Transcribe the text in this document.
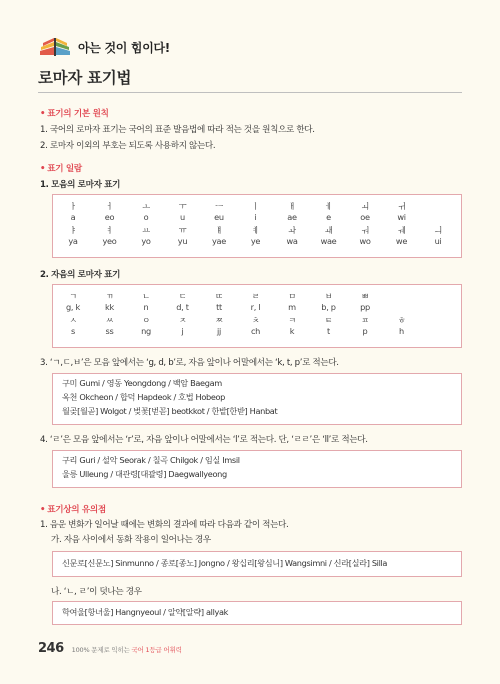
아는 것이 힘이다!
로마자 표기법
• 표기의 기본 원칙
1. 국어의 로마자 표기는 국어의 표준 발음법에 따라 적는 것을 원칙으로 한다.
2. 로마자 이외의 부호는 되도록 사용하지 않는다.
• 표기 일람
1. 모음의 로마자 표기
ㅏ	ㅓ	ㅗ	ㅜ	ㅡ	ㅣ	ㅐ	ㅔ	ㅚ	ㅟ
a	eo	o	u	eu	i	ae	e	oe	wi
ㅑ	ㅕ	ㅛ	ㅠ	ㅒ	ㅖ	ㅘ	ㅙ	ㅝ	ㅞ	ㅢ
ya	yeo	yo	yu	yae	ye	wa	wae	wo	we	ui
2. 자음의 로마자 표기
ㄱ	ㄲ	ㄴ	ㄷ	ㄸ	ㄹ	ㅁ	ㅂ	ㅃ
g, k	kk	n	d, t	tt	r, l	m	b, p	pp
ㅅ	ㅆ	ㅇ	ㅈ	ㅉ	ㅊ	ㅋ	ㅌ	ㅍ	ㅎ
s	ss	ng	j	jj	ch	k	t	p	h
3. ‘ㄱ,ㄷ,ㅂ’은 모음 앞에서는 ‘g, d, b’로, 자음 앞이나 어말에서는 ‘k, t, p’로 적는다.
구미 Gumi / 영동 Yeongdong / 백암 Baegam
옥천 Okcheon / 합덕 Hapdeok / 호법 Hobeop
월곶[월곧] Wolgot / 벚꽃[벋꼳] beotkkot / 한밭[한받] Hanbat
4. ‘ㄹ’은 모음 앞에서는 ‘r’로, 자음 앞이나 어말에서는 ‘l’로 적는다. 단, ‘ㄹㄹ’은 ‘ll’로 적는다.
구리 Guri / 설악 Seorak / 칠곡 Chilgok / 임실 Imsil
울릉 Ulleung / 대관령[대괄령] Daegwallyeong
• 표기상의 유의점
1. 음운 변화가 일어날 때에는 변화의 결과에 따라 다음과 같이 적는다.
가. 자음 사이에서 동화 작용이 일어나는 경우
신문로[신문노] Sinmunno / 종로[종노] Jongno / 왕십리[왕심니] Wangsimni / 신라[실라] Silla
나. ‘ㄴ, ㄹ’이 덧나는 경우
학여울[항녀울] Hangnyeoul / 알약[알략] allyak
246 100% 문제로 익히는 국어 1등급 어휘력
